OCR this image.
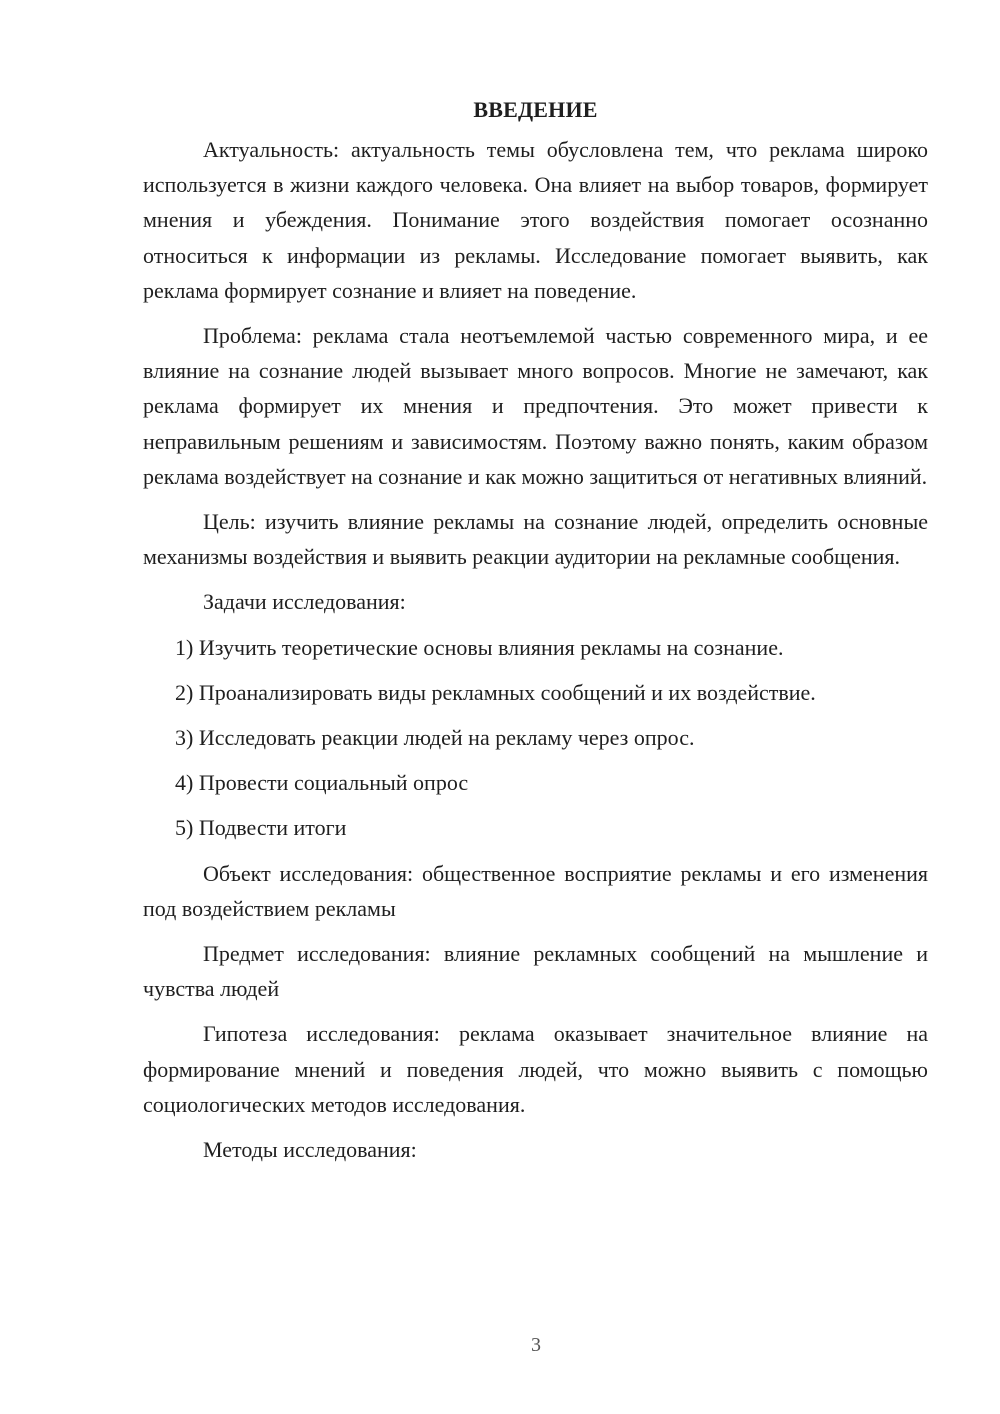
ВВЕДЕНИЕ

Актуальность: актуальность темы обусловлена тем, что реклама широко используется в жизни каждого человека. Она влияет на выбор товаров, формирует мнения и убеждения. Понимание этого воздействия помогает осознанно относиться к информации из рекламы. Исследование помогает выявить, как реклама формирует сознание и влияет на поведение.

Проблема: реклама стала неотъемлемой частью современного мира, и ее влияние на сознание людей вызывает много вопросов. Многие не замечают, как реклама формирует их мнения и предпочтения. Это может привести к неправильным решениям и зависимостям. Поэтому важно понять, каким образом реклама воздействует на сознание и как можно защититься от негативных влияний.

Цель: изучить влияние рекламы на сознание людей, определить основные механизмы воздействия и выявить реакции аудитории на рекламные сообщения.

Задачи исследования:

1) Изучить теоретические основы влияния рекламы на сознание.
2) Проанализировать виды рекламных сообщений и их воздействие.
3) Исследовать реакции людей на рекламу через опрос.
4) Провести социальный опрос
5) Подвести итоги

Объект исследования: общественное восприятие рекламы и его изменения под воздействием рекламы

Предмет исследования: влияние рекламных сообщений на мышление и чувства людей

Гипотеза исследования: реклама оказывает значительное влияние на формирование мнений и поведения людей, что можно выявить с помощью социологических методов исследования.

Методы исследования:

3
